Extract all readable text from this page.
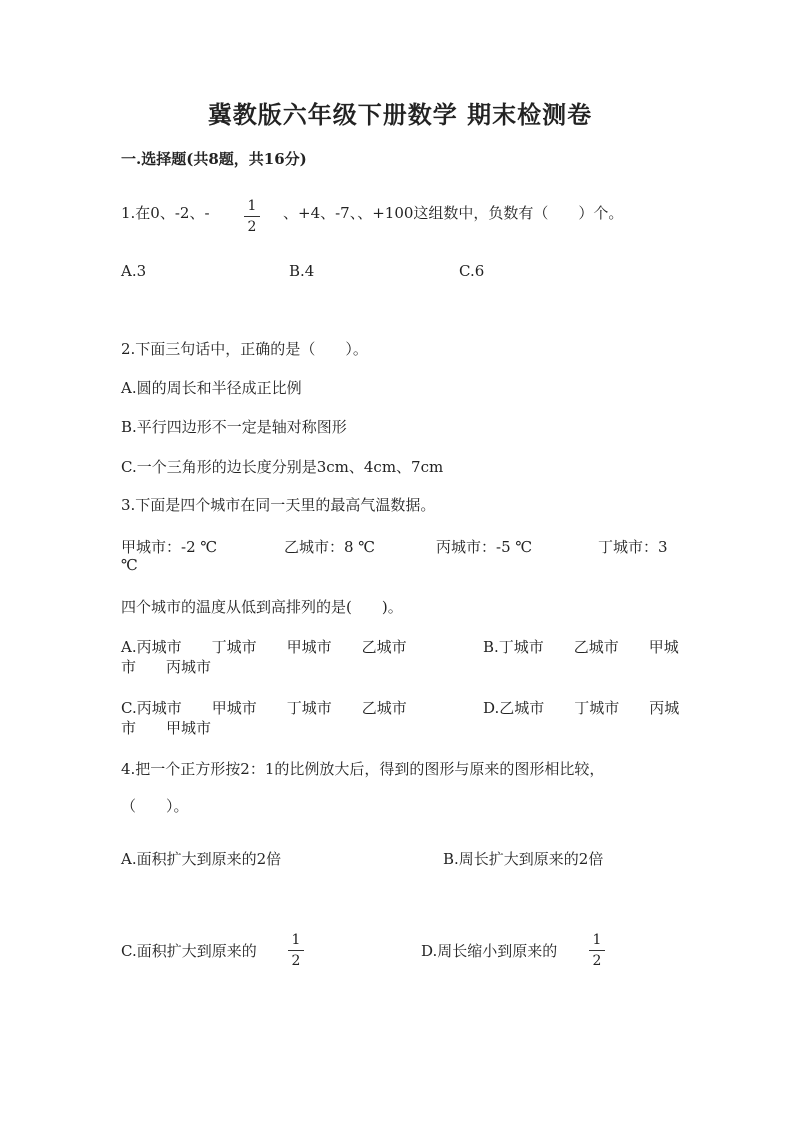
冀教版六年级下册数学 期末检测卷
一.选择题(共8题，共16分)
1.在0、-2、-	1
2
、+4、-7、、+100这组数中，负数有（　　）个。
A.3	B.4	C.6
2.下面三句话中，正确的是（　　）。
A.圆的周长和半径成正比例
B.平行四边形不一定是轴对称图形
C.一个三角形的边长度分别是3cm、4cm、7cm
3.下面是四个城市在同一天里的最高气温数据。
甲城市：-2 ℃	乙城市：8 ℃	丙城市：-5 ℃	丁城市：3
℃
四个城市的温度从低到高排列的是(　　)。
A.丙城市　　丁城市　　甲城市　　乙城市	B.丁城市　　乙城市　　甲城
市　　丙城市
C.丙城市　　甲城市　　丁城市　　乙城市	D.乙城市　　丁城市　　丙城
市　　甲城市
4.把一个正方形按2：1的比例放大后，得到的图形与原来的图形相比较，
（　　）。
A.面积扩大到原来的2倍	B.周长扩大到原来的2倍
C.面积扩大到原来的
1
2
D.周长缩小到原来的
1
2
